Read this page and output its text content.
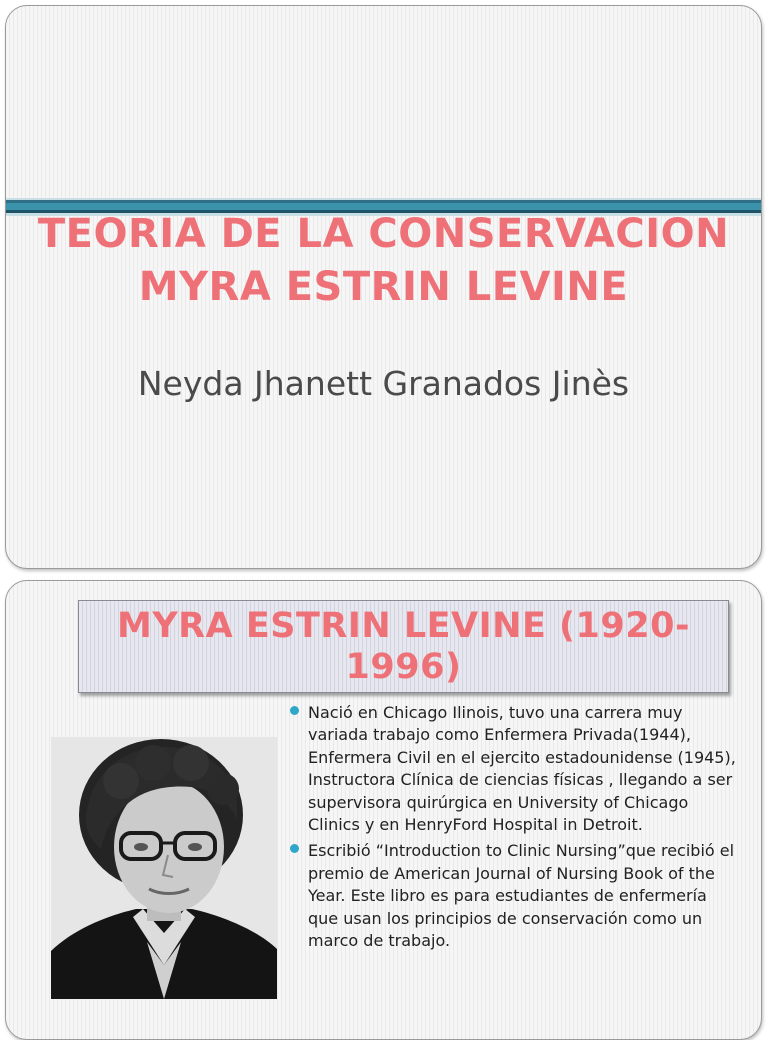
TEORIA DE LA CONSERVACION MYRA ESTRIN LEVINE

Neyda Jhanett Granados Jinès

MYRA ESTRIN LEVINE (1920-1996)
Nació en Chicago Ilinois, tuvo una carrera muy variada trabajo como Enfermera Privada(1944), Enfermera Civil en el ejercito estadounidense (1945), Instructora Clínica de ciencias físicas , llegando a ser supervisora quirúrgica en University of Chicago Clinics y en HenryFord Hospital in Detroit.
Escribió “Introduction to Clinic Nursing”que recibió el premio de American Journal of Nursing Book of the Year. Este libro es para estudiantes de enfermería que usan los principios de conservación como un marco de trabajo.
